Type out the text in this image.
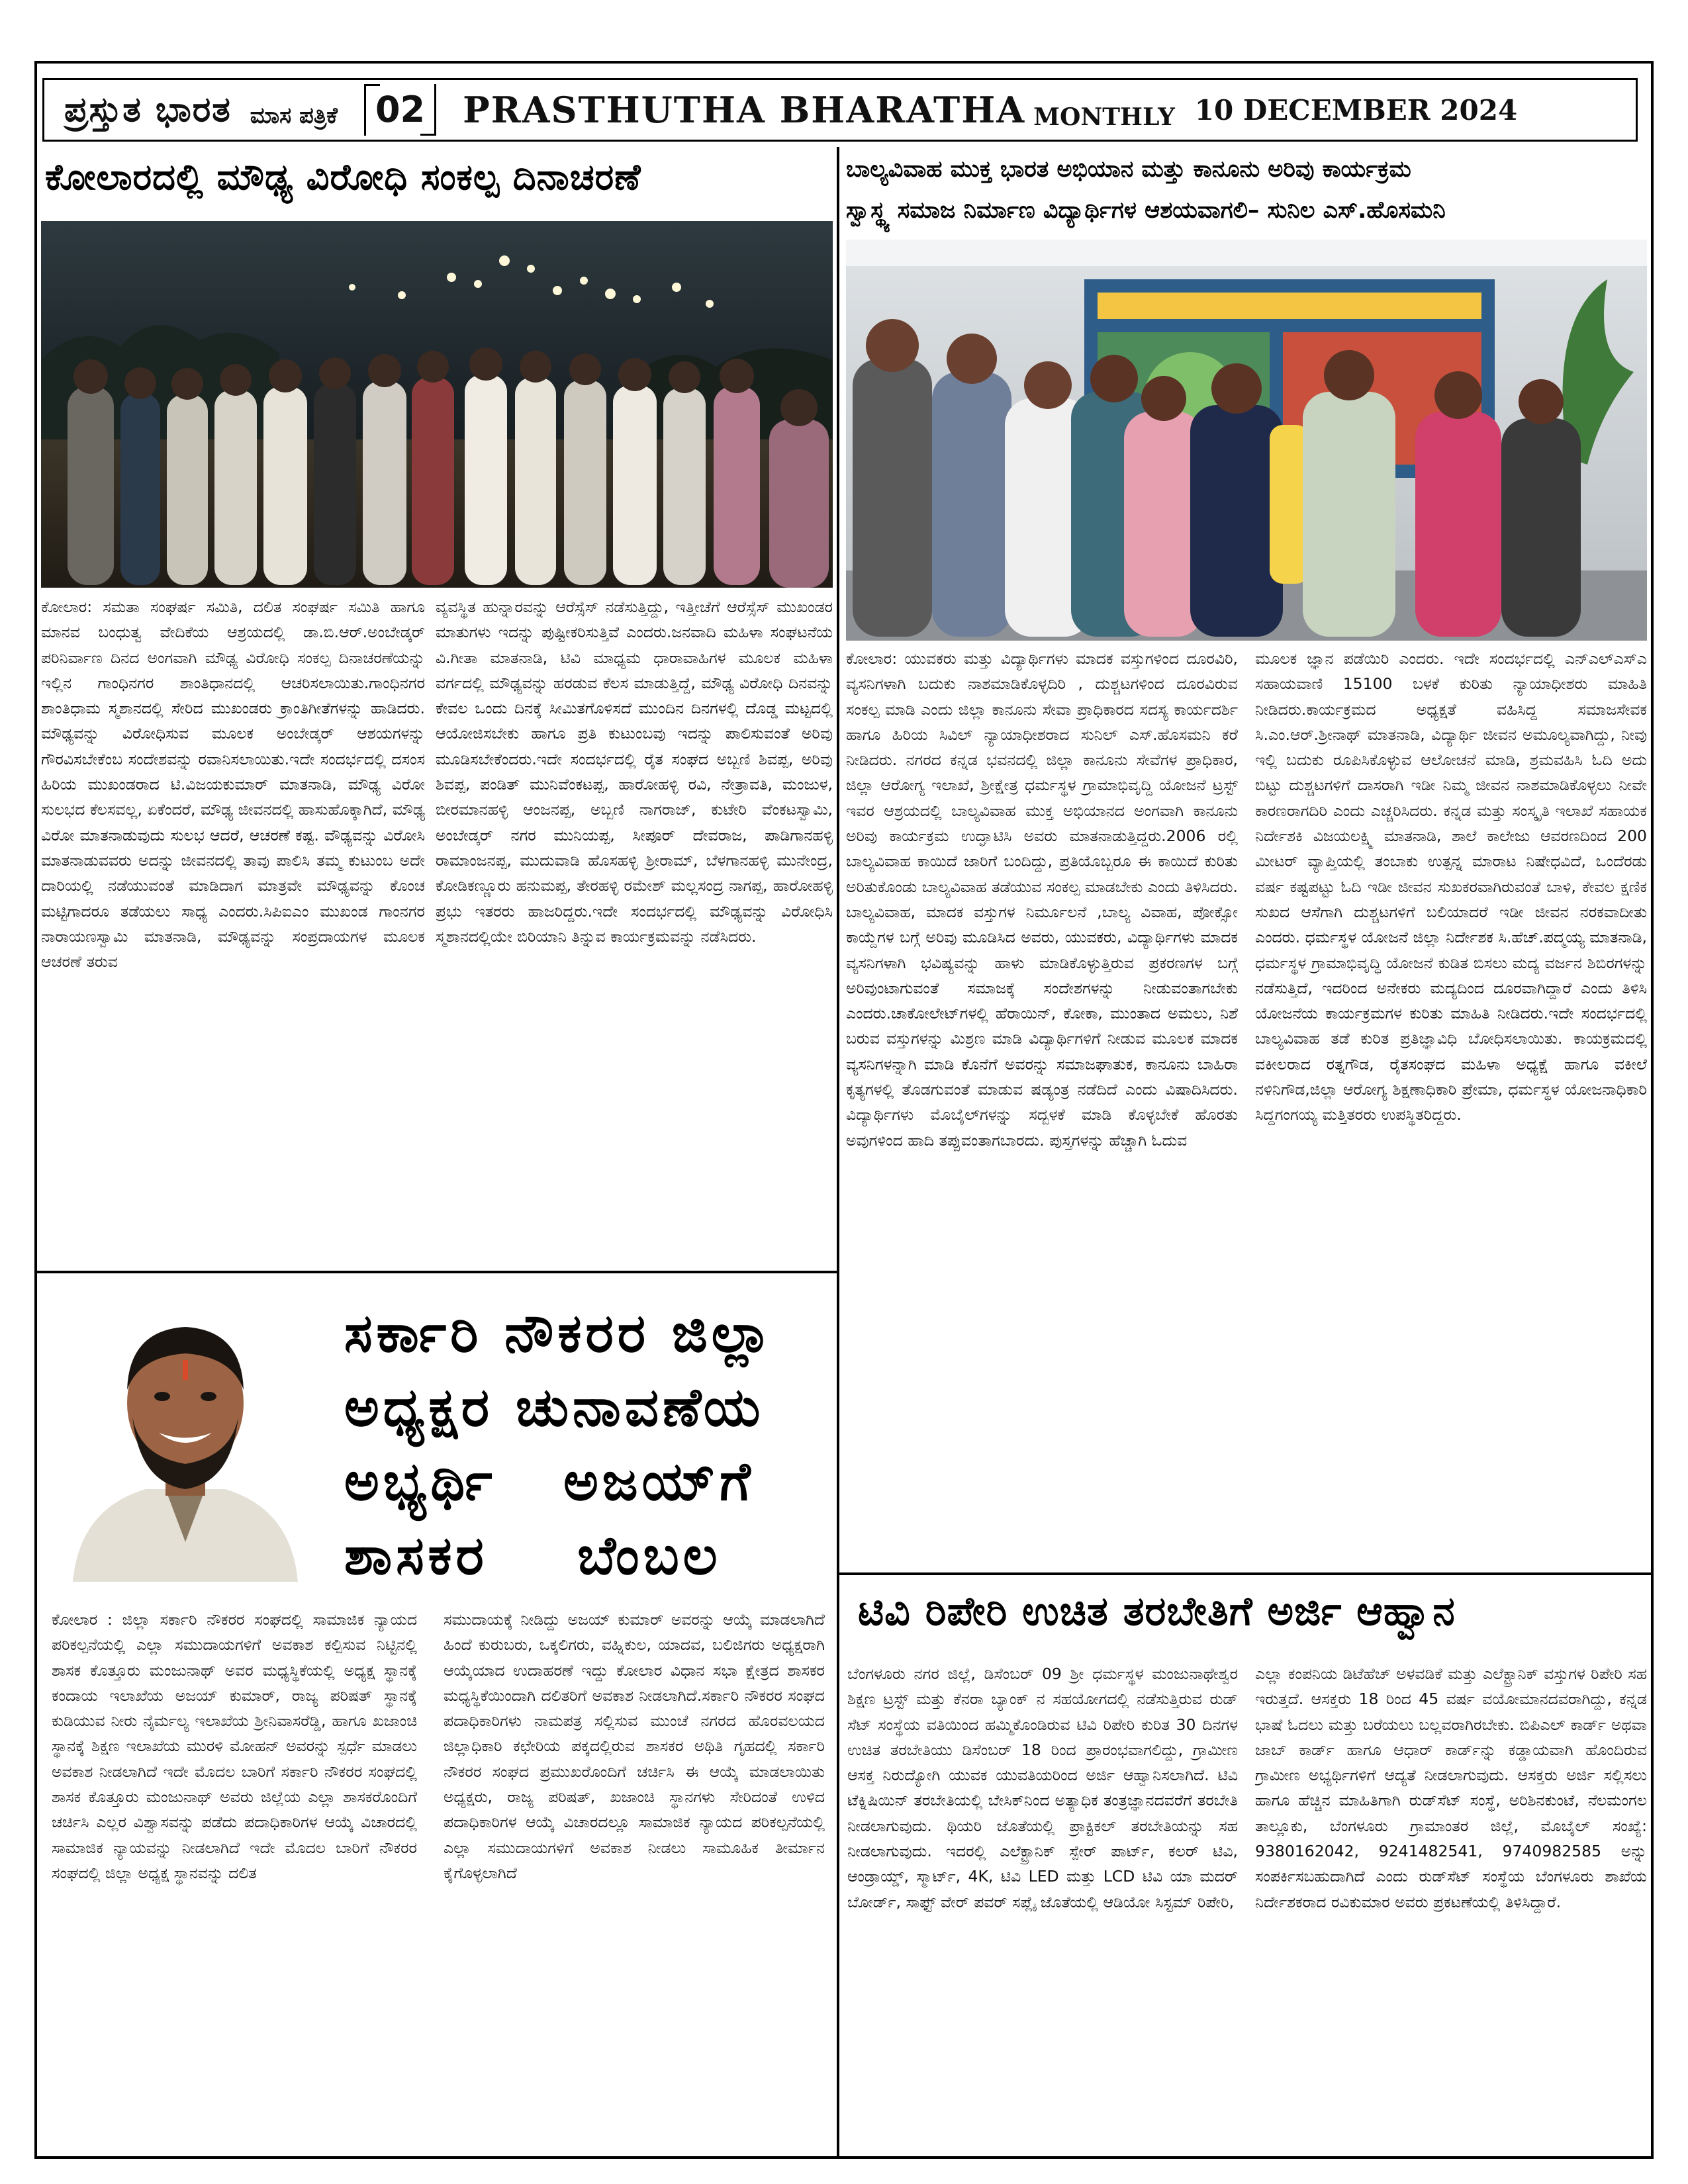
ಪ್ರಸ್ತುತ ಭಾರತ ಮಾಸ ಪತ್ರಿಕೆ	02	PRASTHUTHA BHARATHA MONTHLY 10 DECEMBER 2024
ಕೋಲಾರದಲ್ಲಿ ಮೌಢ್ಯ ವಿರೋಧಿ ಸಂಕಲ್ಪ ದಿನಾಚರಣೆ
ಕೋಲಾರ: ಸಮತಾ ಸಂಘರ್ಷ ಸಮಿತಿ, ದಲಿತ ಸಂಘರ್ಷ ಸಮಿತಿ ಹಾಗೂ ಮಾನವ ಬಂಧುತ್ವ ವೇದಿಕೆಯ ಆಶ್ರಯದಲ್ಲಿ ಡಾ.ಬಿ.ಆರ್.ಅಂಬೇಡ್ಕರ್ ಪರಿನಿರ್ವಾಣ ದಿನದ ಅಂಗವಾಗಿ ಮೌಢ್ಯ ವಿರೋಧಿ ಸಂಕಲ್ಪ ದಿನಾಚರಣೆಯನ್ನು ಇಲ್ಲಿನ ಗಾಂಧಿನಗರ ಶಾಂತಿಧಾನದಲ್ಲಿ ಆಚರಿಸಲಾಯಿತು.ಗಾಂಧಿನಗರ ಶಾಂತಿಧಾಮ ಸ್ಮಶಾನದಲ್ಲಿ ಸೇರಿದ ಮುಖಂಡರು ಕ್ರಾಂತಿಗೀತೆಗಳನ್ನು ಹಾಡಿದರು. ಮೌಢ್ಯವನ್ನು ವಿರೋಧಿಸುವ ಮೂಲಕ ಅಂಬೇಡ್ಕರ್ ಆಶಯಗಳನ್ನು ಗೌರವಿಸಬೇಕೆಂಬ ಸಂದೇಶವನ್ನು ರವಾನಿಸಲಾಯಿತು.ಇದೇ ಸಂದರ್ಭದಲ್ಲಿ ದಸಂಸ ಹಿರಿಯ ಮುಖಂಡರಾದ ಟಿ.ವಿಜಯಕುಮಾರ್ ಮಾತನಾಡಿ, ಮೌಢ್ಯ ವಿರೋ ಸುಲಭದ ಕೆಲಸವಲ್ಲ, ಏಕೆಂದರೆ, ಮೌಢ್ಯ ಜೀವನದಲ್ಲಿ ಹಾಸುಹೊಕ್ಕಾಗಿದೆ, ಮೌಢ್ಯ ವಿರೋ ಮಾತನಾಡುವುದು ಸುಲಭ ಆದರೆ, ಆಚರಣೆ ಕಷ್ಟ. ವೌಢ್ಯವನ್ನು ವಿರೋಸಿ ಮಾತನಾಡುವವರು ಅದನ್ನು ಜೀವನದಲ್ಲಿ ತಾವು ಪಾಲಿಸಿ ತಮ್ಮ ಕುಟುಂಬ ಅದೇ ದಾರಿಯಲ್ಲಿ ನಡೆಯುವಂತೆ ಮಾಡಿದಾಗ ಮಾತ್ರವೇ ಮೌಢ್ಯವನ್ನು ಕೊಂಚ ಮಟ್ಟಿಗಾದರೂ ತಡೆಯಲು ಸಾಧ್ಯ ಎಂದರು.ಸಿಪಿಐಎಂ ಮುಖಂಡ ಗಾಂನಗರ ನಾರಾಯಣಸ್ವಾಮಿ ಮಾತನಾಡಿ, ಮೌಢ್ಯವನ್ನು ಸಂಪ್ರದಾಯಗಳ ಮೂಲಕ ಆಚರಣೆ ತರುವ
ವ್ಯವಸ್ಥಿತ ಹುನ್ನಾರವನ್ನು ಆರೆಸ್ಸೆಸ್ ನಡೆಸುತ್ತಿದ್ದು, ಇತ್ತೀಚೆಗೆ ಆರೆಸ್ಸೆಸ್ ಮುಖಂಡರ ಮಾತುಗಳು ಇದನ್ನು ಪುಷ್ಟೀಕರಿಸುತ್ತಿವೆ ಎಂದರು.ಜನವಾದಿ ಮಹಿಳಾ ಸಂಘಟನೆಯ ವಿ.ಗೀತಾ ಮಾತನಾಡಿ, ಟಿವಿ ಮಾಧ್ಯಮ ಧಾರಾವಾಹಿಗಳ ಮೂಲಕ ಮಹಿಳಾ ವರ್ಗದಲ್ಲಿ ಮೌಢ್ಯವನ್ನು ಹರಡುವ ಕೆಲಸ ಮಾಡುತ್ತಿದ್ದೆ, ಮೌಢ್ಯ ವಿರೋಧಿ ದಿನವನ್ನು ಕೇವಲ ಒಂದು ದಿನಕ್ಕೆ ಸೀಮಿತಗೊಳಿಸದೆ ಮುಂದಿನ ದಿನಗಳಲ್ಲಿ ದೊಡ್ಡ ಮಟ್ಟದಲ್ಲಿ ಆಯೋಜಿಸಬೇಕು ಹಾಗೂ ಪ್ರತಿ ಕುಟುಂಬವು ಇದನ್ನು ಪಾಲಿಸುವಂತೆ ಅರಿವು ಮೂಡಿಸಬೇಕೆಂದರು.ಇದೇ ಸಂದರ್ಭದಲ್ಲಿ ರೈತ ಸಂಘದ ಅಬ್ಬಣಿ ಶಿವಪ್ಪ, ಅರಿವು ಶಿವಪ್ಪ, ಪಂಡಿತ್ ಮುನಿವೆಂಕಟಪ್ಪ, ಹಾರೋಹಳ್ಳಿ ರವಿ, ನೇತ್ರಾವತಿ, ಮಂಜುಳ, ಬೀರಮಾನಹಳ್ಳಿ ಆಂಜನಪ್ಪ, ಅಬ್ಬಣಿ ನಾಗರಾಜ್, ಕುಟೇರಿ ವೆಂಕಟಸ್ವಾಮಿ, ಅಂಬೇಡ್ಕರ್ ನಗರ ಮುನಿಯಪ್ಪ, ಸೀಪೂರ್ ದೇವರಾಜ, ಪಾಡಿಗಾನಹಳ್ಳಿ ರಾಮಾಂಜನಪ್ಪ, ಮುದುವಾಡಿ ಹೊಸಹಳ್ಳಿ ಶ್ರೀರಾಮ್, ಬೆಳಗಾನಹಳ್ಳಿ ಮುನೇಂದ್ರ, ಕೋಡಿಕಣ್ಣೂರು ಹನುಮಪ್ಪ, ತೇರಹಳ್ಳಿ ರಮೇಶ್ ಮಲ್ಲಸಂದ್ರ ನಾಗಪ್ಪ, ಹಾರೋಹಳ್ಳಿ ಪ್ರಭು ಇತರರು ಹಾಜರಿದ್ದರು.ಇದೇ ಸಂದರ್ಭದಲ್ಲಿ ಮೌಢ್ಯವನ್ನು ವಿರೋಧಿಸಿ ಸ್ಮಶಾನದಲ್ಲಿಯೇ ಬಿರಿಯಾನಿ ತಿನ್ನುವ ಕಾರ್ಯಕ್ರಮವನ್ನು ನಡೆಸಿದರು.
ಬಾಲ್ಯವಿವಾಹ ಮುಕ್ತ ಭಾರತ ಅಭಿಯಾನ ಮತ್ತು ಕಾನೂನು ಅರಿವು ಕಾರ್ಯಕ್ರಮ
ಸ್ವಾಸ್ಥ್ಯ ಸಮಾಜ ನಿರ್ಮಾಣ ವಿದ್ಯಾರ್ಥಿಗಳ ಆಶಯವಾಗಲಿ– ಸುನಿಲ ಎಸ್.ಹೊಸಮನಿ
ಕೋಲಾರ: ಯುವಕರು ಮತ್ತು ವಿದ್ಯಾರ್ಥಿಗಳು ಮಾದಕ ವಸ್ತುಗಳಿಂದ ದೂರವಿರಿ, ವ್ಯಸನಿಗಳಾಗಿ ಬದುಕು ನಾಶಮಾಡಿಕೊಳ್ಳದಿರಿ , ದುಶ್ಚಟಗಳಿಂದ ದೂರವಿರುವ ಸಂಕಲ್ಪ ಮಾಡಿ ಎಂದು ಜಿಲ್ಲಾ ಕಾನೂನು ಸೇವಾ ಪ್ರಾಧಿಕಾರದ ಸದಸ್ಯ ಕಾರ್ಯದರ್ಶಿ ಹಾಗೂ ಹಿರಿಯ ಸಿವಿಲ್ ನ್ಯಾಯಾಧೀಶರಾದ ಸುನಿಲ್ ಎಸ್.ಹೊಸಮನಿ ಕರೆ ನೀಡಿದರು. ನಗರದ ಕನ್ನಡ ಭವನದಲ್ಲಿ ಜಿಲ್ಲಾ ಕಾನೂನು ಸೇವೆಗಳ ಪ್ರಾಧಿಕಾರ, ಜಿಲ್ಲಾ ಆರೋಗ್ಯ ಇಲಾಖೆ, ಶ್ರೀಕ್ಷೇತ್ರ ಧರ್ಮಸ್ಥಳ ಗ್ರಾಮಾಭಿವೃದ್ದಿ ಯೋಜನೆ ಟ್ರಸ್ಟ್ ಇವರ ಆಶ್ರಯದಲ್ಲಿ ಬಾಲ್ಯವಿವಾಹ ಮುಕ್ತ ಅಭಿಯಾನದ ಅಂಗವಾಗಿ ಕಾನೂನು ಅರಿವು ಕಾರ್ಯಕ್ರಮ ಉದ್ಘಾಟಿಸಿ ಅವರು ಮಾತನಾಡುತ್ತಿದ್ದರು.2006 ರಲ್ಲಿ ಬಾಲ್ಯವಿವಾಹ ಕಾಯಿದೆ ಜಾರಿಗೆ ಬಂದಿದ್ದು, ಪ್ರತಿಯೊಬ್ಬರೂ ಈ ಕಾಯಿದೆ ಕುರಿತು ಅರಿತುಕೊಂಡು ಬಾಲ್ಯವಿವಾಹ ತಡೆಯುವ ಸಂಕಲ್ಪ ಮಾಡಬೇಕು ಎಂದು ತಿಳಿಸಿದರು. ಬಾಲ್ಯವಿವಾಹ, ಮಾದಕ ವಸ್ತುಗಳ ನಿರ್ಮೂಲನೆ ,ಬಾಲ್ಯ ವಿವಾಹ, ಪೋಕ್ಸೋ ಕಾಯ್ದೆಗಳ ಬಗ್ಗೆ ಅರಿವು ಮೂಡಿಸಿದ ಅವರು, ಯುವಕರು, ವಿದ್ಯಾರ್ಥಿಗಳು ಮಾದಕ ವ್ಯಸನಿಗಳಾಗಿ ಭವಿಷ್ಯವನ್ನು ಹಾಳು ಮಾಡಿಕೊಳ್ಳುತ್ತಿರುವ ಪ್ರಕರಣಗಳ ಬಗ್ಗೆ ಅರಿವುಂಟಾಗುವಂತೆ ಸಮಾಜಕ್ಕೆ ಸಂದೇಶಗಳನ್ನು ನೀಡುವಂತಾಗಬೇಕು ಎಂದರು.ಚಾಕೋಲೇಟ್‌ಗಳಲ್ಲಿ ಹೆರಾಯಿನ್, ಕೋಕಾ, ಮುಂತಾದ ಅಮಲು, ನಿಶೆ ಬರುವ ವಸ್ತುಗಳನ್ನು ಮಿಶ್ರಣ ಮಾಡಿ ವಿದ್ಯಾರ್ಥಿಗಳಿಗೆ ನೀಡುವ ಮೂಲಕ ಮಾದಕ ವ್ಯಸನಿಗಳನ್ನಾಗಿ ಮಾಡಿ ಕೊನೆಗೆ ಅವರನ್ನು ಸಮಾಜಘಾತುಕ, ಕಾನೂನು ಬಾಹಿರಾ ಕೃತ್ಯಗಳಲ್ಲಿ ತೊಡಗುವಂತೆ ಮಾಡುವ ಷಡ್ಯಂತ್ರ ನಡೆದಿದೆ ಎಂದು ವಿಷಾದಿಸಿದರು. ವಿದ್ಯಾರ್ಥಿಗಳು ಮೊಬೈಲ್‌ಗಳನ್ನು ಸದ್ಬಳಕೆ ಮಾಡಿ ಕೊಳ್ಳಬೇಕೆ ಹೊರತು ಅವುಗಳಿಂದ ಹಾದಿ ತಪ್ಪುವಂತಾಗಬಾರದು. ಪುಸ್ತಗಳನ್ನು ಹೆಚ್ಚಾಗಿ ಓದುವ
ಮೂಲಕ ಜ್ಞಾನ ಪಡೆಯಿರಿ ಎಂದರು. ಇದೇ ಸಂದರ್ಭದಲ್ಲಿ ಎನ್‌ಎಲ್‌ಎಸ್‌ಎ ಸಹಾಯವಾಣಿ 15100 ಬಳಕೆ ಕುರಿತು ನ್ಯಾಯಾಧೀಶರು ಮಾಹಿತಿ ನೀಡಿದರು.ಕಾರ್ಯಕ್ರಮದ ಅಧ್ಯಕ್ಷತೆ ವಹಿಸಿದ್ದ ಸಮಾಜಸೇವಕ ಸಿ.ಎಂ.ಆರ್.ಶ್ರೀನಾಥ್ ಮಾತನಾಡಿ, ವಿದ್ಯಾರ್ಥಿ ಜೀವನ ಅಮೂಲ್ಯವಾಗಿದ್ದು, ನೀವು ಇಲ್ಲಿ ಬದುಕು ರೂಪಿಸಿಕೊಳ್ಳುವ ಆಲೋಚನೆ ಮಾಡಿ, ಶ್ರಮವಹಿಸಿ ಓದಿ ಅದು ಬಿಟ್ಟು ದುಶ್ಚಟಗಳಿಗೆ ದಾಸರಾಗಿ ಇಡೀ ನಿಮ್ಮ ಜೀವನ ನಾಶಮಾಡಿಕೊಳ್ಳಲು ನೀವೇ ಕಾರಣರಾಗದಿರಿ ಎಂದು ಎಚ್ಚರಿಸಿದರು. ಕನ್ನಡ ಮತ್ತು ಸಂಸ್ಕೃತಿ ಇಲಾಖೆ ಸಹಾಯಕ ನಿರ್ದೇಶಕಿ ವಿಜಯಲಕ್ಷ್ಮಿ ಮಾತನಾಡಿ, ಶಾಲೆ ಕಾಲೇಜು ಆವರಣದಿಂದ 200 ಮೀಟರ್ ವ್ಯಾಪ್ತಿಯಲ್ಲಿ ತಂಬಾಕು ಉತ್ಪನ್ನ ಮಾರಾಟ ನಿಷೇಧವಿದೆ, ಒಂದೆರಡು ವರ್ಷ ಕಷ್ಟಪಟ್ಟು ಓದಿ ಇಡೀ ಜೀವನ ಸುಖಕರವಾಗಿರುವಂತೆ ಬಾಳಿ, ಕೇವಲ ಕ್ಷಣಿಕ ಸುಖದ ಆಸೆಗಾಗಿ ದುಶ್ಚಟಗಳಿಗೆ ಬಲಿಯಾದರೆ ಇಡೀ ಜೀವನ ನರಕವಾದೀತು ಎಂದರು. ಧರ್ಮಸ್ಥಳ ಯೋಜನೆ ಜಿಲ್ಲಾ ನಿರ್ದೇಶಕ ಸಿ.ಹೆಚ್.ಪದ್ಮಯ್ಯ ಮಾತನಾಡಿ, ಧರ್ಮಸ್ಥಳ ಗ್ರಾಮಾಭಿವೃದ್ಧಿ ಯೋಜನೆ ಕುಡಿತ ಬಿಸಲು ಮದ್ಯ ವರ್ಜನ ಶಿಬಿರಗಳನ್ನು ನಡೆಸುತ್ತಿದೆ, ಇದರಿಂದ ಅನೇಕರು ಮದ್ಯದಿಂದ ದೂರವಾಗಿದ್ದಾರೆ ಎಂದು ತಿಳಿಸಿ ಯೋಜನೆಯ ಕಾರ್ಯಕ್ರಮಗಳ ಕುರಿತು ಮಾಹಿತಿ ನೀಡಿದರು.ಇದೇ ಸಂದರ್ಭದಲ್ಲಿ ಬಾಲ್ಯವಿವಾಹ ತಡೆ ಕುರಿತ ಪ್ರತಿಜ್ಞಾವಿಧಿ ಬೋಧಿಸಲಾಯಿತು. ಕಾಯಕ್ರಮದಲ್ಲಿ ವಕೀಲರಾದ ರತ್ನಗೌಡ, ರೈತಸಂಘದ ಮಹಿಳಾ ಅಧ್ಯಕ್ಷೆ ಹಾಗೂ ವಕೀಲೆ ನಳಿನಿಗೌಡ,ಜಿಲ್ಲಾ ಆರೋಗ್ಯ ಶಿಕ್ಷಣಾಧಿಕಾರಿ ಪ್ರೇಮಾ, ಧರ್ಮಸ್ಥಳ ಯೋಜನಾಧಿಕಾರಿ ಸಿದ್ದಗಂಗಯ್ಯ ಮತ್ತಿತರರು ಉಪಸ್ಥಿತರಿದ್ದರು.
ಸರ್ಕಾರಿ ನೌಕರರ ಜಿಲ್ಲಾ
ಅಧ್ಯಕ್ಷರ ಚುನಾವಣೆಯ
ಅಭ್ಯರ್ಥಿ   ಅಜಯ್‌ಗೆ
ಶಾಸಕರ    ಬೆಂಬಲ
ಕೋಲಾರ : ಜಿಲ್ಲಾ ಸರ್ಕಾರಿ ನೌಕರರ ಸಂಘದಲ್ಲಿ ಸಾಮಾಜಿಕ ನ್ಯಾಯದ ಪರಿಕಲ್ಪನೆಯಲ್ಲಿ ಎಲ್ಲಾ ಸಮುದಾಯಗಳಿಗೆ ಅವಕಾಶ ಕಲ್ಪಿಸುವ ನಿಟ್ಟಿನಲ್ಲಿ ಶಾಸಕ ಕೊತ್ತೂರು ಮಂಜುನಾಥ್ ಅವರ ಮಧ್ಯಸ್ಥಿಕೆಯಲ್ಲಿ ಅಧ್ಯಕ್ಷ ಸ್ಥಾನಕ್ಕೆ ಕಂದಾಯ ಇಲಾಖೆಯ ಅಜಯ್ ಕುಮಾರ್, ರಾಜ್ಯ ಪರಿಷತ್ ಸ್ಥಾನಕ್ಕೆ ಕುಡಿಯುವ ನೀರು ನೈರ್ಮಲ್ಯ ಇಲಾಖೆಯ ಶ್ರೀನಿವಾಸರೆಡ್ಡಿ, ಹಾಗೂ ಖಜಾಂಚಿ ಸ್ಥಾನಕ್ಕೆ ಶಿಕ್ಷಣ ಇಲಾಖೆಯ ಮುರಳಿ ಮೋಹನ್ ಅವರನ್ನು ಸ್ಪರ್ಧೆ ಮಾಡಲು ಅವಕಾಶ ನೀಡಲಾಗಿದೆ ಇದೇ ಮೊದಲ ಬಾರಿಗೆ ಸರ್ಕಾರಿ ನೌಕರರ ಸಂಘದಲ್ಲಿ ಶಾಸಕ ಕೊತ್ತೂರು ಮಂಜುನಾಥ್ ಅವರು ಜಿಲ್ಲೆಯ ಎಲ್ಲಾ ಶಾಸಕರೊಂದಿಗೆ ಚರ್ಚಿಸಿ ಎಲ್ಲರ ವಿಶ್ವಾಸವನ್ನು ಪಡೆದು ಪದಾಧಿಕಾರಿಗಳ ಆಯ್ಕೆ ವಿಚಾರದಲ್ಲಿ ಸಾಮಾಜಿಕ ನ್ಯಾಯವನ್ನು ನೀಡಲಾಗಿದೆ ಇದೇ ಮೊದಲ ಬಾರಿಗೆ ನೌಕರರ ಸಂಘದಲ್ಲಿ ಜಿಲ್ಲಾ ಅಧ್ಯಕ್ಷ ಸ್ಥಾನವನ್ನು ದಲಿತ
ಸಮುದಾಯಕ್ಕೆ ನೀಡಿದ್ದು ಅಜಯ್ ಕುಮಾರ್ ಅವರನ್ನು ಆಯ್ಕೆ ಮಾಡಲಾಗಿದೆ ಹಿಂದೆ ಕುರುಬರು, ಒಕ್ಕಲಿಗರು, ವಹ್ನಿಕುಲ, ಯಾದವ, ಬಲಿಜಿಗರು ಅಧ್ಯಕ್ಷರಾಗಿ ಆಯ್ಕೆಯಾದ ಉದಾಹರಣೆ ಇದ್ದು ಕೋಲಾರ ವಿಧಾನ ಸಭಾ ಕ್ಷೇತ್ರದ ಶಾಸಕರ ಮಧ್ಯಸ್ಥಿಕೆಯಿಂದಾಗಿ ದಲಿತರಿಗೆ ಅವಕಾಶ ನೀಡಲಾಗಿದೆ.ಸರ್ಕಾರಿ ನೌಕರರ ಸಂಘದ ಪದಾಧಿಕಾರಿಗಳು ನಾಮಪತ್ರ ಸಲ್ಲಿಸುವ ಮುಂಚೆ ನಗರದ ಹೊರವಲಯದ ಜಿಲ್ಲಾಧಿಕಾರಿ ಕಛೇರಿಯ ಪಕ್ಕದಲ್ಲಿರುವ ಶಾಸಕರ ಅಥಿತಿ ಗೃಹದಲ್ಲಿ ಸರ್ಕಾರಿ ನೌಕರರ ಸಂಘದ ಪ್ರಮುಖರೊಂದಿಗೆ ಚರ್ಚಿಸಿ ಈ ಆಯ್ಕೆ ಮಾಡಲಾಯಿತು ಅಧ್ಯಕ್ಷರು, ರಾಜ್ಯ ಪರಿಷತ್, ಖಜಾಂಚಿ ಸ್ಥಾನಗಳು ಸೇರಿದಂತೆ ಉಳಿದ ಪದಾಧಿಕಾರಿಗಳ ಆಯ್ಕೆ ವಿಚಾರದಲ್ಲೂ ಸಾಮಾಜಿಕ ನ್ಯಾಯದ ಪರಿಕಲ್ಪನೆಯಲ್ಲಿ ಎಲ್ಲಾ ಸಮುದಾಯಗಳಿಗೆ ಅವಕಾಶ ನೀಡಲು ಸಾಮೂಹಿಕ ತೀರ್ಮಾನ ಕೈಗೊಳ್ಳಲಾಗಿದೆ
ಟಿವಿ ರಿಪೇರಿ ಉಚಿತ ತರಬೇತಿಗೆ ಅರ್ಜಿ ಆಹ್ವಾನ
ಬೆಂಗಳೂರು ನಗರ ಜಿಲ್ಲೆ, ಡಿಸೆಂಬರ್ 09 ಶ್ರೀ ಧರ್ಮಸ್ಥಳ ಮಂಜುನಾಥೇಶ್ವರ ಶಿಕ್ಷಣ ಟ್ರಸ್ಟ್ ಮತ್ತು ಕೆನರಾ ಬ್ಯಾಂಕ್ ನ ಸಹಯೋಗದಲ್ಲಿ ನಡೆಸುತ್ತಿರುವ ರುಡ್ ಸೆಟ್ ಸಂಸ್ಥೆಯ ವತಿಯಿಂದ ಹಮ್ಮಿಕೊಂಡಿರುವ ಟಿವಿ ರಿಪೇರಿ ಕುರಿತ 30 ದಿನಗಳ ಉಚಿತ ತರಬೇತಿಯು ಡಿಸೆಂಬರ್ 18 ರಿಂದ ಪ್ರಾರಂಭವಾಗಲಿದ್ದು, ಗ್ರಾಮೀಣ ಆಸಕ್ತ ನಿರುದ್ಯೋಗಿ ಯುವಕ ಯುವತಿಯರಿಂದ ಅರ್ಜಿ ಆಹ್ವಾನಿಸಲಾಗಿದೆ. ಟಿವಿ ಟೆಕ್ನಿಷಿಯಿನ್ ತರಬೇತಿಯಲ್ಲಿ ಬೇಸಿಕ್‌ನಿಂದ ಅತ್ಯಾಧಿಕ ತಂತ್ರಜ್ಞಾನದವರೆಗೆ ತರಬೇತಿ ನೀಡಲಾಗುವುದು. ಥಿಯರಿ ಜೊತೆಯಲ್ಲಿ ಪ್ರಾಕ್ಟಿಕಲ್ ತರಬೇತಿಯನ್ನು ಸಹ ನೀಡಲಾಗುವುದು. ಇದರಲ್ಲಿ ಎಲೆಕ್ಟ್ರಾನಿಕ್ ಸ್ಪೇರ್ ಪಾರ್ಟ್, ಕಲರ್ ಟಿವಿ, ಆಂಡ್ರಾಯ್ಡ್, ಸ್ಮಾರ್ಟ್, 4K, ಟಿವಿ LED ಮತ್ತು LCD ಟಿವಿ ಯಾ ಮದರ್ ಬೋರ್ಡ್, ಸಾಫ್ಟ್ ವೇರ್ ಪವರ್ ಸಪ್ಲೈ ಜೊತೆಯಲ್ಲಿ ಆಡಿಯೋ ಸಿಸ್ಟಮ್ ರಿಪೇರಿ,
ಎಲ್ಲಾ ಕಂಪನಿಯ ಡಿಟೆಹೆಚ್ ಅಳವಡಿಕೆ ಮತ್ತು ಎಲೆಕ್ಟ್ರಾನಿಕ್ ವಸ್ತುಗಳ ರಿಪೇರಿ ಸಹ ಇರುತ್ತದೆ. ಆಸಕ್ತರು 18 ರಿಂದ 45 ವರ್ಷ ವಯೋಮಾನದವರಾಗಿದ್ದು, ಕನ್ನಡ ಭಾಷೆ ಓದಲು ಮತ್ತು ಬರೆಯಲು ಬಲ್ಲವರಾಗಿರಬೇಕು. ಬಿಪಿಎಲ್ ಕಾರ್ಡ್ ಅಥವಾ ಜಾಬ್ ಕಾರ್ಡ್ ಹಾಗೂ ಆಧಾರ್ ಕಾರ್ಡ್‌ನ್ನು ಕಡ್ಡಾಯವಾಗಿ ಹೊಂದಿರುವ ಗ್ರಾಮೀಣ ಅಭ್ಯರ್ಥಿಗಳಿಗೆ ಆದ್ಯತೆ ನೀಡಲಾಗುವುದು. ಆಸಕ್ತರು ಅರ್ಜಿ ಸಲ್ಲಿಸಲು ಹಾಗೂ ಹೆಚ್ಚಿನ ಮಾಹಿತಿಗಾಗಿ ರುಡ್‌ಸೆಟ್ ಸಂಸ್ಥೆ, ಅರಿಶಿನಕುಂಟೆ, ನೆಲಮಂಗಲ ತಾಲ್ಲೂಕು, ಬೆಂಗಳೂರು ಗ್ರಾಮಾಂತರ ಜಿಲ್ಲೆ, ಮೊಬೈಲ್ ಸಂಖ್ಯೆ: 9380162042, 9241482541, 9740982585 ಅನ್ನು ಸಂಪರ್ಕಿಸಬಹುದಾಗಿದೆ ಎಂದು ರುಡ್‌ಸೆಟ್ ಸಂಸ್ಥೆಯ ಬೆಂಗಳೂರು ಶಾಖೆಯ ನಿರ್ದೇಶಕರಾದ ರವಿಕುಮಾರ ಅವರು ಪ್ರಕಟಣೆಯಲ್ಲಿ ತಿಳಿಸಿದ್ದಾರೆ.
